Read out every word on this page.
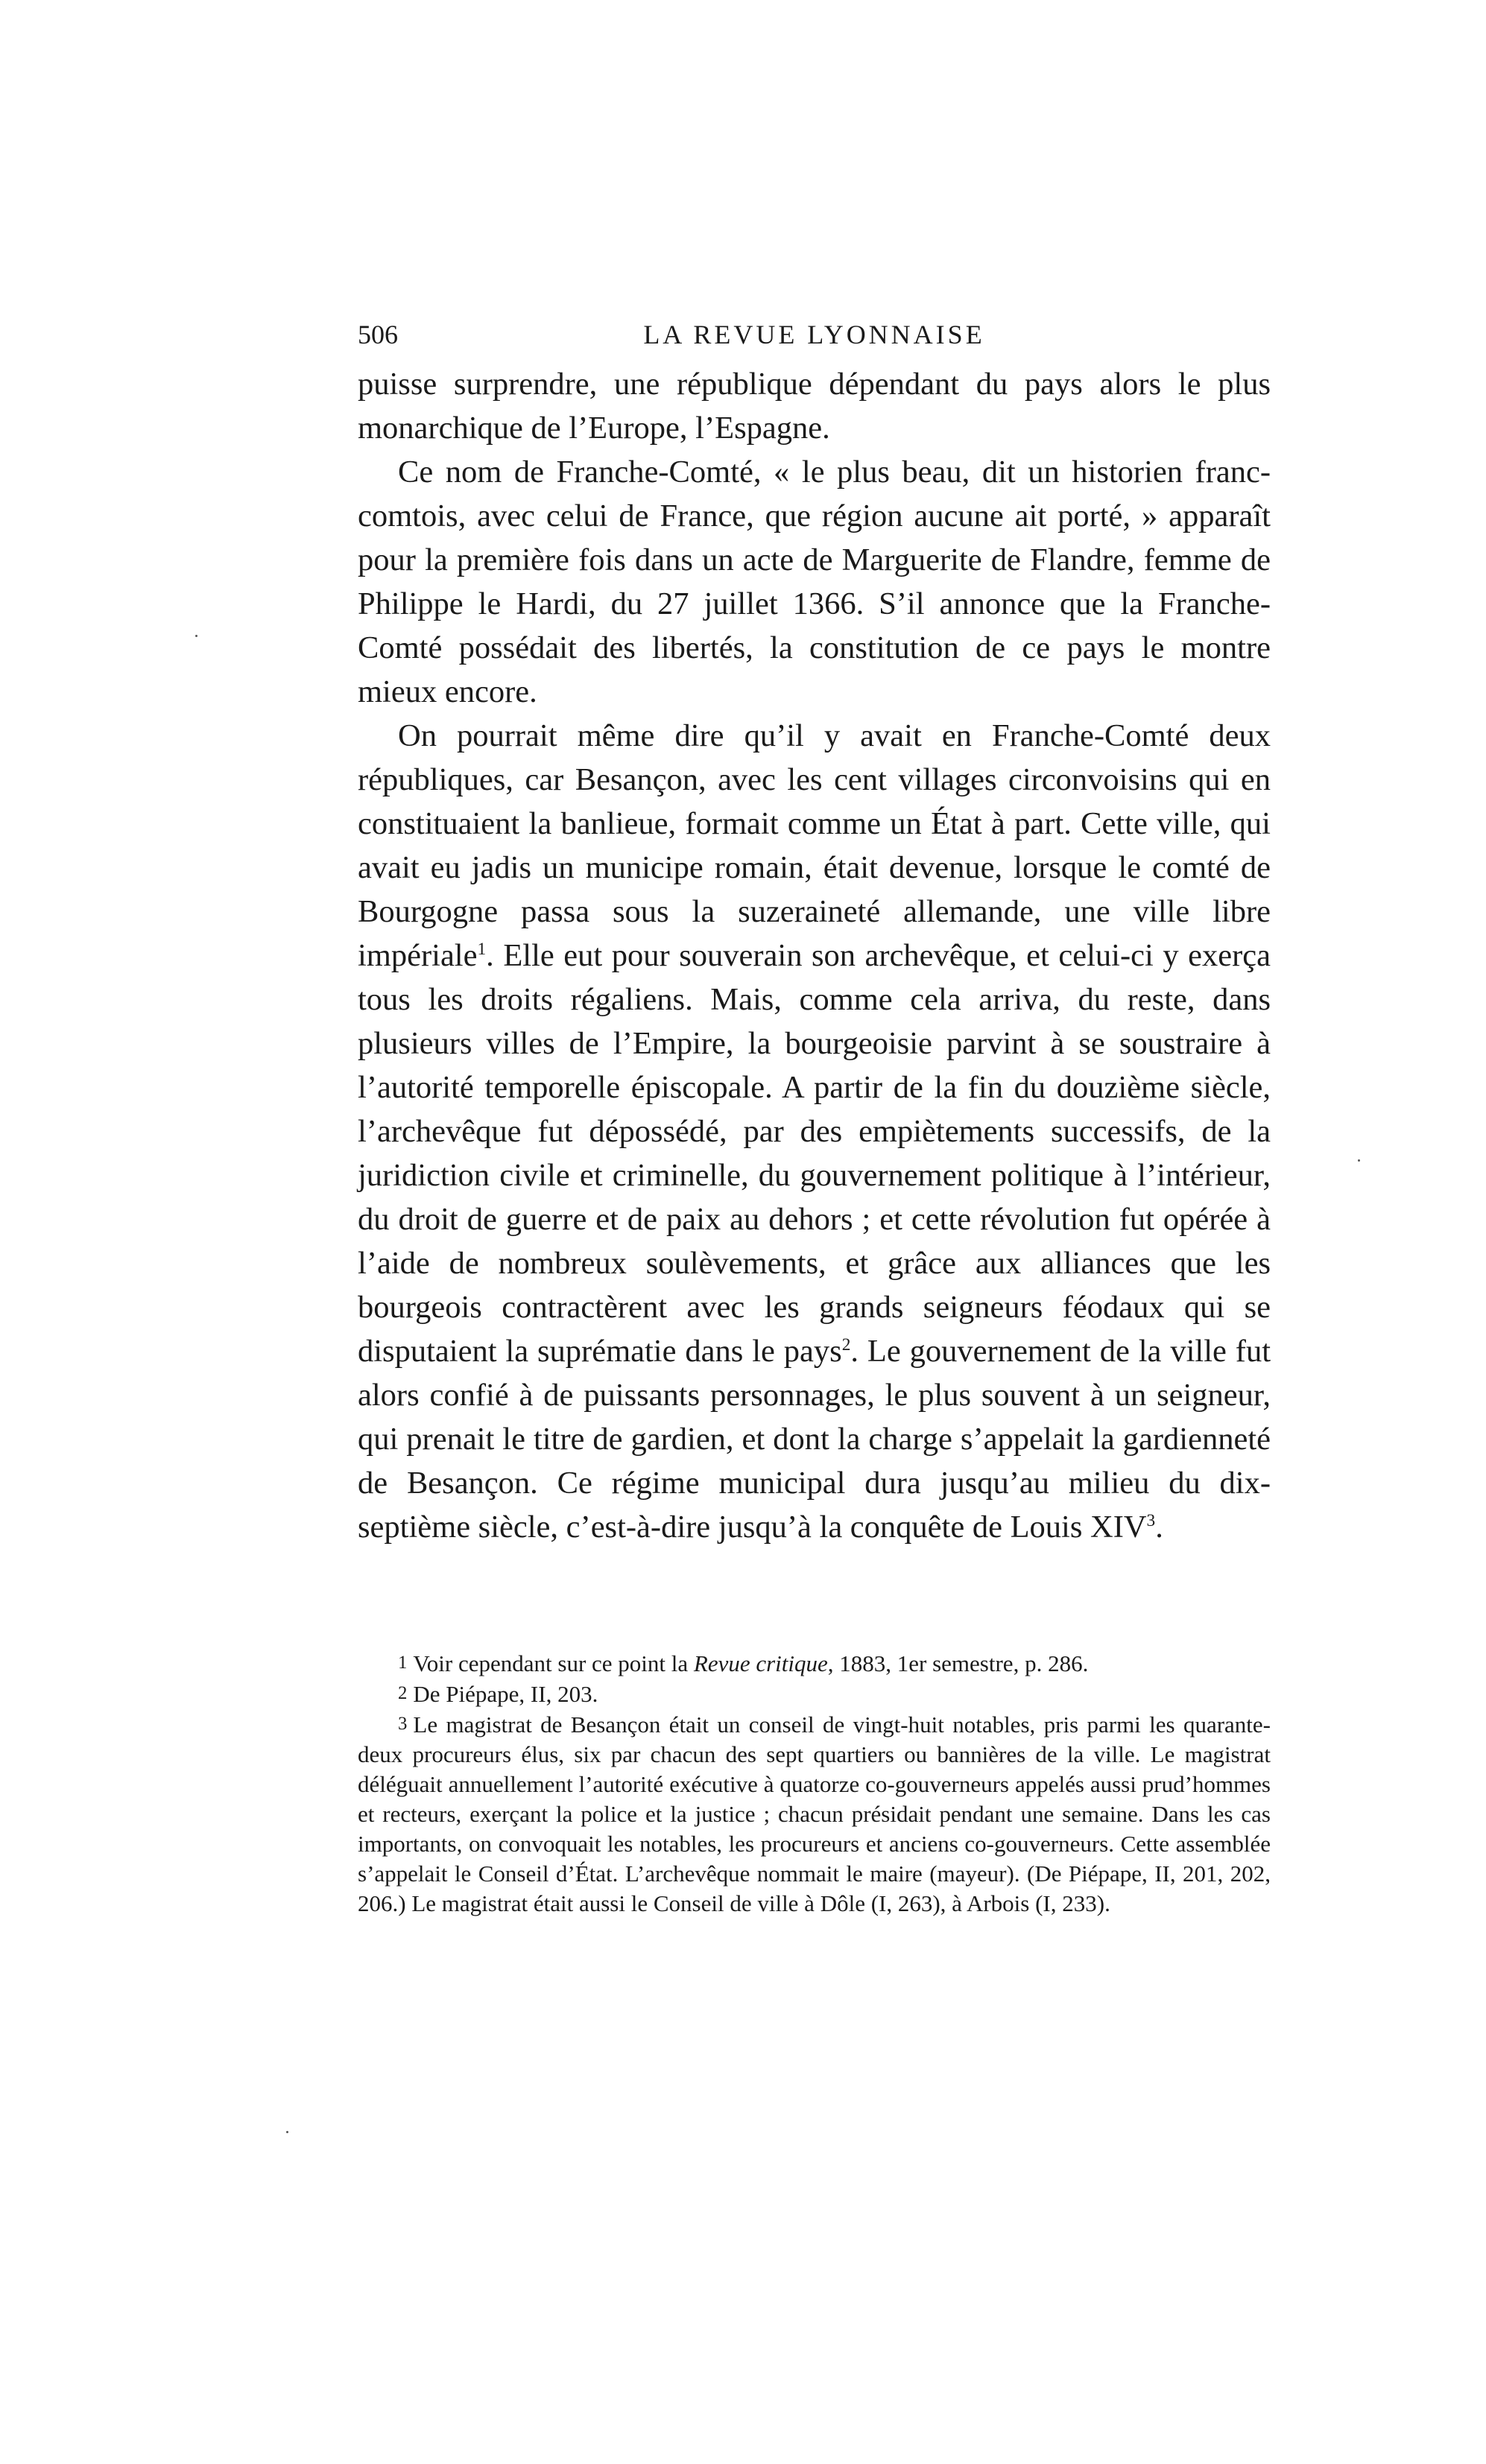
506	LA REVUE LYONNAISE

puisse surprendre, une république dépendant du pays alors le plus monarchique de l’Europe, l’Espagne.

Ce nom de Franche-Comté, « le plus beau, dit un historien franc-comtois, avec celui de France, que région aucune ait porté, » apparaît pour la première fois dans un acte de Marguerite de Flandre, femme de Philippe le Hardi, du 27 juillet 1366. S’il annonce que la Franche-Comté possédait des libertés, la constitution de ce pays le montre mieux encore.

On pourrait même dire qu’il y avait en Franche-Comté deux républiques, car Besançon, avec les cent villages circonvoisins qui en constituaient la banlieue, formait comme un État à part. Cette ville, qui avait eu jadis un municipe romain, était devenue, lorsque le comté de Bourgogne passa sous la suzeraineté allemande, une ville libre impériale$^1$. Elle eut pour souverain son archevêque, et celui-ci y exerça tous les droits régaliens. Mais, comme cela arriva, du reste, dans plusieurs villes de l’Empire, la bourgeoisie parvint à se soustraire à l’autorité temporelle épiscopale. A partir de la fin du douzième siècle, l’archevêque fut dépossédé, par des empiètements successifs, de la juridiction civile et criminelle, du gouvernement politique à l’intérieur, du droit de guerre et de paix au dehors ; et cette révolution fut opérée à l’aide de nombreux soulèvements, et grâce aux alliances que les bourgeois contractèrent avec les grands seigneurs féodaux qui se disputaient la suprématie dans le pays$^2$. Le gouvernement de la ville fut alors confié à de puissants personnages, le plus souvent à un seigneur, qui prenait le titre de gardien, et dont la charge s’appelait la gardienneté de Besançon. Ce régime municipal dura jusqu’au milieu du dix-septième siècle, c’est-à-dire jusqu’à la conquête de Louis XIV$^3$.

1 Voir cependant sur ce point la Revue critique, 1883, 1er semestre, p. 286.

2 De Piépape, II, 203.

3 Le magistrat de Besançon était un conseil de vingt-huit notables, pris parmi les quarante-deux procureurs élus, six par chacun des sept quartiers ou bannières de la ville. Le magistrat déléguait annuellement l’autorité exécutive à quatorze co-gouverneurs appelés aussi prud’hommes et recteurs, exerçant la police et la justice ; chacun présidait pendant une semaine. Dans les cas importants, on convoquait les notables, les procureurs et anciens co-gouverneurs. Cette assemblée s’appelait le Conseil d’État. L’archevêque nommait le maire (mayeur). (De Piépape, II, 201, 202, 206.) Le magistrat était aussi le Conseil de ville à Dôle (I, 263), à Arbois (I, 233).
